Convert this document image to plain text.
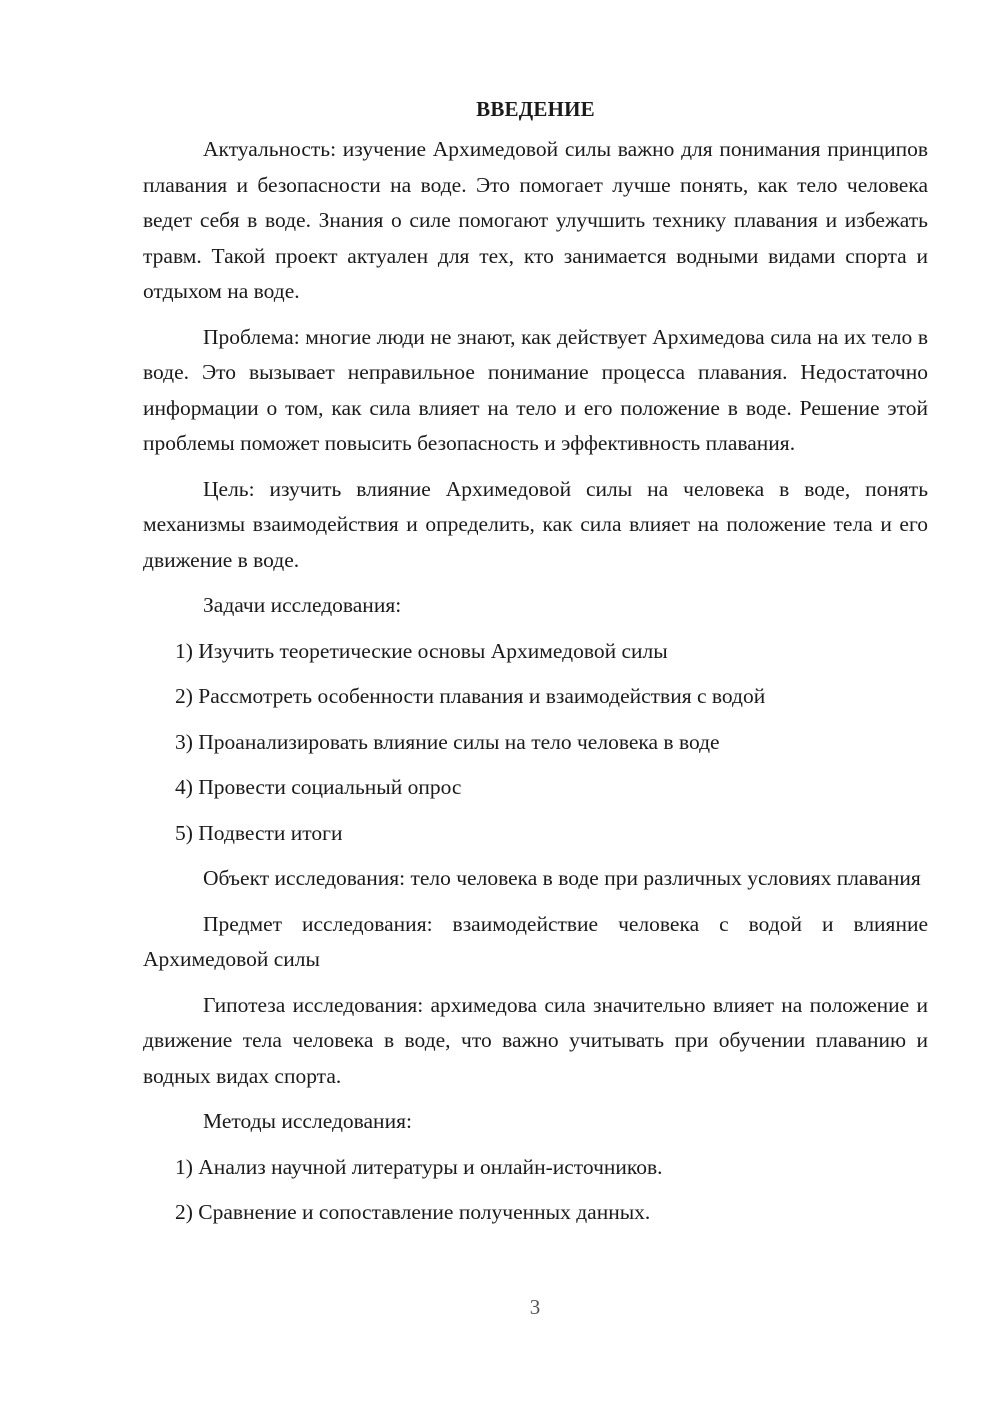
ВВЕДЕНИЕ

Актуальность: изучение Архимедовой силы важно для понимания принципов плавания и безопасности на воде. Это помогает лучше понять, как тело человека ведет себя в воде. Знания о силе помогают улучшить технику плавания и избежать травм. Такой проект актуален для тех, кто занимается водными видами спорта и отдыхом на воде.

Проблема: многие люди не знают, как действует Архимедова сила на их тело в воде. Это вызывает неправильное понимание процесса плавания. Недостаточно информации о том, как сила влияет на тело и его положение в воде. Решение этой проблемы поможет повысить безопасность и эффективность плавания.

Цель: изучить влияние Архимедовой силы на человека в воде, понять механизмы взаимодействия и определить, как сила влияет на положение тела и его движение в воде.

Задачи исследования:
1) Изучить теоретические основы Архимедовой силы
2) Рассмотреть особенности плавания и взаимодействия с водой
3) Проанализировать влияние силы на тело человека в воде
4) Провести социальный опрос
5) Подвести итоги

Объект исследования: тело человека в воде при различных условиях плавания

Предмет исследования: взаимодействие человека с водой и влияние Архимедовой силы

Гипотеза исследования: архимедова сила значительно влияет на положение и движение тела человека в воде, что важно учитывать при обучении плаванию и водных видах спорта.

Методы исследования:
1) Анализ научной литературы и онлайн-источников.
2) Сравнение и сопоставление полученных данных.
3
